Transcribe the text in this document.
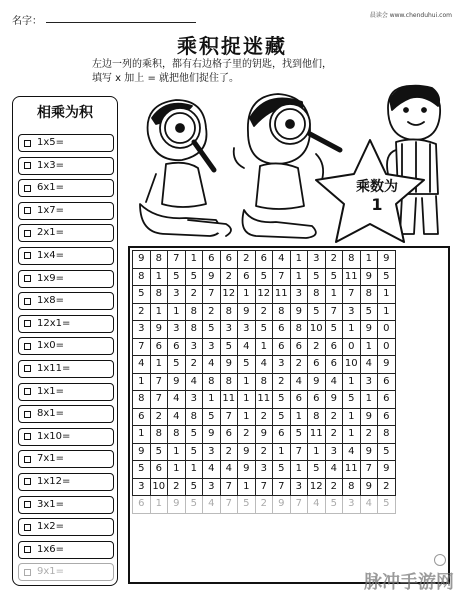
名字：
晨读会 www.chenduhui.com
乘积捉迷藏
左边一列的乘积，都有右边格子里的钥匙，找到他们，
填写 x 加上 = 就把他们捉住了。
相乘为积
1x5=
1x3=
6x1=
1x7=
2x1=
1x4=
1x9=
1x8=
12x1=
1x0=
1x11=
1x1=
8x1=
1x10=
7x1=
1x12=
3x1=
1x2=
1x6=
9x1=
乘数为
1
9	8	7	1	6	6	2	6	4	1	3	2	8	1	9
8	1	5	5	9	2	6	5	7	1	5	5	11	9	5
5	8	3	2	7	12	1	12	11	3	8	1	7	8	1
2	1	1	8	2	8	9	2	8	9	5	7	3	5	1
3	9	3	8	5	3	3	5	6	8	10	5	1	9	0
7	6	6	3	3	5	4	1	6	6	2	6	0	1	0
4	1	5	2	4	9	5	4	3	2	6	6	10	4	9
1	7	9	4	8	8	1	8	2	4	9	4	1	3	6
8	7	4	3	1	11	1	11	5	6	6	9	5	1	6
6	2	4	8	5	7	1	2	5	1	8	2	1	9	6
1	8	8	5	9	6	2	9	6	5	11	2	1	2	8
9	5	1	5	3	2	9	2	1	7	1	3	4	9	5
5	6	1	1	4	4	9	3	5	1	5	4	11	7	9
3	10	2	5	3	7	1	7	7	3	12	2	8	9	2
6	1	9	5	4	7	5	2	9	7	4	5	3	4	5
脉冲手游网
